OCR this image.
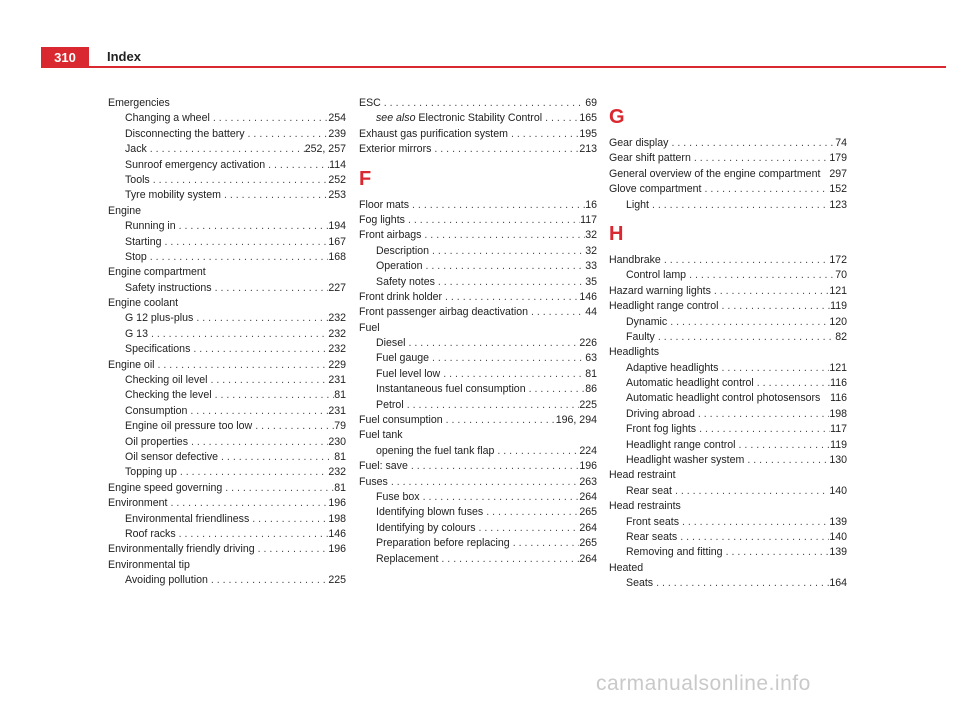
310	Index
Emergencies
Changing a wheel . . .	254
Disconnecting the battery . . .	239
Jack . . .	252, 257
Sunroof emergency activation . . .	114
Tools . . .	252
Tyre mobility system . . .	253
Engine
Running in . . .	194
Starting . . .	167
Stop . . .	168
Engine compartment
Safety instructions . . .	227
Engine coolant
G 12 plus-plus . . .	232
G 13 . . .	232
Specifications . . .	232
Engine oil . . .	229
Checking oil level . . .	231
Checking the level . . .	81
Consumption . . .	231
Engine oil pressure too low . . .	79
Oil properties . . .	230
Oil sensor defective . . .	81
Topping up . . .	232
Engine speed governing . . .	81
Environment . . .	196
Environmental friendliness . . .	198
Roof racks . . .	146
Environmentally friendly driving . . .	196
Environmental tip
Avoiding pollution . . .	225
ESC . . .	69
see also Electronic Stability Control . . .	165
Exhaust gas purification system . . .	195
Exterior mirrors . . .	213
F
Floor mats . . .	16
Fog lights . . .	117
Front airbags . . .	32
Description . . .	32
Operation . . .	33
Safety notes . . .	35
Front drink holder . . .	146
Front passenger airbag deactivation . . .	44
Fuel
Diesel . . .	226
Fuel gauge . . .	63
Fuel level low . . .	81
Instantaneous fuel consumption . . .	86
Petrol . . .	225
Fuel consumption . . .	196, 294
Fuel tank
opening the fuel tank flap . . .	224
Fuel: save . . .	196
Fuses . . .	263
Fuse box . . .	264
Identifying blown fuses . . .	265
Identifying by colours . . .	264
Preparation before replacing . . .	265
Replacement . . .	264
G
Gear display . . .	74
Gear shift pattern . . .	179
General overview of the engine compartment 297
Glove compartment . . .	152
Light . . .	123
H
Handbrake . . .	172
Control lamp . . .	70
Hazard warning lights . . .	121
Headlight range control . . .	119
Dynamic . . .	120
Faulty . . .	82
Headlights
Adaptive headlights . . .	121
Automatic headlight control . . .	116
Automatic headlight control photosensors 116
Driving abroad . . .	198
Front fog lights . . .	117
Headlight range control . . .	119
Headlight washer system . . .	130
Head restraint
Rear seat . . .	140
Head restraints
Front seats . . .	139
Rear seats . . .	140
Removing and fitting . . .	139
Heated
Seats . . .	164
carmanualsonline.info
